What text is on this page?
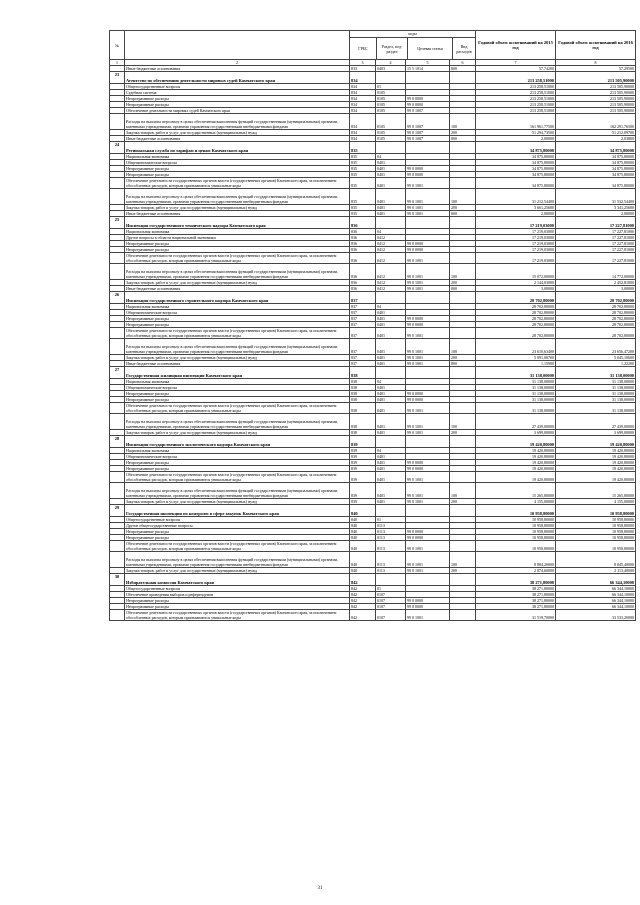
№		коды
ГРБС Раздел, под-раздел Целевая статья Вид расходов				Годовой объем ассигнований на 2015 год	Годовой объем ассигнований на 2016 год
1	2	3	4	5	6	7	8
	Иные бюджетные ассигнования	833	0403	15 5 1014	800	57,74200	57,29500
23	Агентство по обеспечению деятельности мировых судей Камчатского края	834				213 258,51000	213 505,90000
	Общегосударственные вопросы	834	01			213 258,51000	213 505,90000
	Судебная система	834	0105			213 258,51000	213 505,90000
	Непрограммные расходы	834	0105	99 0 0000		213 258,51000	213 505,90000
	Непрограммные расходы	834	0105	99 0 0000		213 258,51000	213 505,90000
	Обеспечение деятельности мировых судей Камчатского края	834	0105	99 0 1007		213 258,51000	213 505,90000
	Расходы на выплаты персоналу в целях обеспечения выполнения функций государственными (муниципальными) органами, казенными учреждениями, органами управления государственными внебюджетными фондами	834	0105	99 0 1007	100	161 961,77500	162 291,76500
	Закупка товаров, работ и услуг для государственных (муниципальных) нужд	834	0105	99 0 1007	200	51 294,73500	51 212,09700
	Иные бюджетные ассигнования	834	0105	99 0 1007	800	2,00000	2,03800
24	Региональная служба по тарифам и ценам Камчатского края	835				34 875,80000	34 875,80000
	Национальная экономика	835	04			34 875,80000	34 875,80000
	Общеэкономические вопросы	835	0401			34 875,80000	34 875,80000
	Непрограммные расходы	835	0401	99 0 0000		34 875,80000	34 875,80000
	Непрограммные расходы	835	0401	99 0 0000		34 875,80000	34 875,80000
	Обеспечение деятельности государственных органов власти (государственных органов) Камчатского края, за исключением обособленных расходов, которым присваиваются уникальные коды	835	0401	99 0 1001		34 875,80000	34 875,80000
	Расходы на выплаты персоналу в целях обеспечения выполнения функций государственными (муниципальными) органами, казенными учреждениями, органами управления государственными внебюджетными фондами	835	0401	99 0 1001	100	31 212,54400	31 532,54400
	Закупка товаров, работ и услуг для государственных (муниципальных) нужд	835	0401	99 0 1001	200	3 661,25600	3 341,25600
	Иные бюджетные ассигнования	835	0401	99 0 1001	800	2,00000	2,00000
25	Инспекция государственного технического надзора Камчатского края	836				17 219,03000	17 227,81000
	Национальная экономика	836	04			17 219,03000	17 227,81000
	Другие вопросы в области национальной экономики	836	0412			17 219,03000	17 227,81000
	Непрограммные расходы	836	0412	99 0 0000		17 219,03000	17 227,81000
	Непрограммные расходы	836	0412	99 0 0000		17 219,03000	17 227,81000
	Обеспечение деятельности государственных органов власти (государственных органов) Камчатского края, за исключением обособленных расходов, которым присваиваются уникальные коды	836	0412	99 0 1001		17 219,03000	17 227,81000
	Расходы на выплаты персоналу в целях обеспечения выполнения функций государственными (муниципальными) органами, казенными учреждениями, органами управления государственными внебюджетными фондами	836	0412	99 0 1001	100	15 072,00000	14 772,00000
	Закупка товаров, работ и услуг для государственных (муниципальных) нужд	836	0412	99 0 1001	200	2 144,03000	2 452,81000
	Иные бюджетные ассигнования	836	0412	99 0 1001	800	3,00000	3,00000
26	Инспекция государственного строительного надзора Камчатского края	837				28 702,80000	28 702,80000
	Национальная экономика	837	04			28 702,80000	28 702,80000
	Общеэкономические вопросы	837	0401			28 702,80000	28 702,80000
	Непрограммные расходы	837	0401	99 0 0000		28 702,80000	28 702,80000
	Непрограммные расходы	837	0401	99 0 0000		28 702,80000	28 702,80000
	Обеспечение деятельности государственных органов власти (государственных органов) Камчатского края, за исключением обособленных расходов, которым присваиваются уникальные коды	837	0401	99 0 1001		28 702,80000	28 702,80000
	Расходы на выплаты персоналу в целях обеспечения выполнения функций государственными (муниципальными) органами, казенными учреждениями, органами управления государственными внебюджетными фондами	837	0401	99 0 1001	100	23 610,63400	23 656,47200
	Закупка товаров, работ и услуг для государственных (муниципальных) нужд	837	0401	99 0 1001	200	5 091,00700	5 045,10600
	Иные бюджетные ассигнования	837	0401	99 0 1001	800	1,15900	1,22200
27	Государственная жилищная инспекция Камчатского края	838				31 138,00000	31 138,00000
	Национальная экономика	838	04			31 138,00000	31 138,00000
	Общеэкономические вопросы	838	0401			31 138,00000	31 138,00000
	Непрограммные расходы	838	0401	99 0 0000		31 138,00000	31 138,00000
	Непрограммные расходы	838	0401	99 0 0000		31 138,00000	31 138,00000
	Обеспечение деятельности государственных органов власти (государственных органов) Камчатского края, за исключением обособленных расходов, которым присваиваются уникальные коды	838	0401	99 0 1001		31 138,00000	31 138,00000
	Расходы на выплаты персоналу в целях обеспечения выполнения функций государственными (муниципальными) органами, казенными учреждениями, органами управления государственными внебюджетными фондами	838	0401	99 0 1001	100	27 439,00000	27 439,00000
	Закупка товаров, работ и услуг для государственных (муниципальных) нужд	838	0401	99 0 1001	200	3 699,00000	3 699,00000
28	Инспекция государственного экологического надзора Камчатского края	839				19 420,80000	19 420,80000
	Национальная экономика	839	04			19 420,80000	19 420,80000
	Общеэкономические вопросы	839	0401			19 420,80000	19 420,80000
	Непрограммные расходы	839	0401	99 0 0000		19 420,80000	19 420,80000
	Непрограммные расходы	839	0401	99 0 0000		19 420,80000	19 420,80000
	Обеспечение деятельности государственных органов власти (государственных органов) Камчатского края, за исключением обособленных расходов, которым присваиваются уникальные коды	839	0401	99 0 1001		19 420,80000	19 420,80000
	Расходы на выплаты персоналу в целях обеспечения выполнения функций государственными (муниципальными) органами, казенными учреждениями, органами управления государственными внебюджетными фондами	839	0401	99 0 1001	100	15 265,80000	15 265,80000
	Закупка товаров, работ и услуг для государственных (муниципальных) нужд	839	0401	99 0 1001	200	4 155,00000	4 155,00000
29	Государственная инспекция по контролю в сфере закупок Камчатского края	840				10 958,80000	10 958,80000
	Общегосударственные вопросы	840	01			10 958,80000	10 958,80000
	Другие общегосударственные вопросы	840	0113			10 958,80000	10 958,80000
	Непрограммные расходы	840	0113	99 0 0000		10 958,80000	10 958,80000
	Непрограммные расходы	840	0113	99 0 0000		10 958,80000	10 958,80000
	Обеспечение деятельности государственных органов власти (государственных органов) Камчатского края, за исключением обособленных расходов, которым присваиваются уникальные коды	840	0113	99 0 1001		10 958,80000	10 958,80000
	Расходы на выплаты персоналу в целях обеспечения выполнения функций государственными (муниципальными) органами, казенными учреждениями, органами управления государственными внебюджетными фондами	840	0113	99 0 1001	100	8 884,20000	8 845,40000
	Закупка товаров, работ и услуг для государственных (муниципальных) нужд	840	0113	99 0 1001	200	2 074,60000	2 113,40000
30	Избирательная комиссия Камчатского края	842				38 271,80000	66 344,10000
	Общегосударственные вопросы	842	01			38 271,80000	66 344,10000
	Обеспечение проведения выборов и референдумов	842	0107			38 271,80000	66 344,10000
	Непрограммные расходы	842	0107	99 0 0000		38 271,80000	66 344,10000
	Непрограммные расходы	842	0107	99 0 0000		38 271,80000	66 344,10000
	Обеспечение деятельности государственных органов власти (государственных органов) Камчатского края, за исключением обособленных расходов, которым присваиваются уникальные коды	842	0107	99 0 1001		31 519,70000	33 533,20000
31
